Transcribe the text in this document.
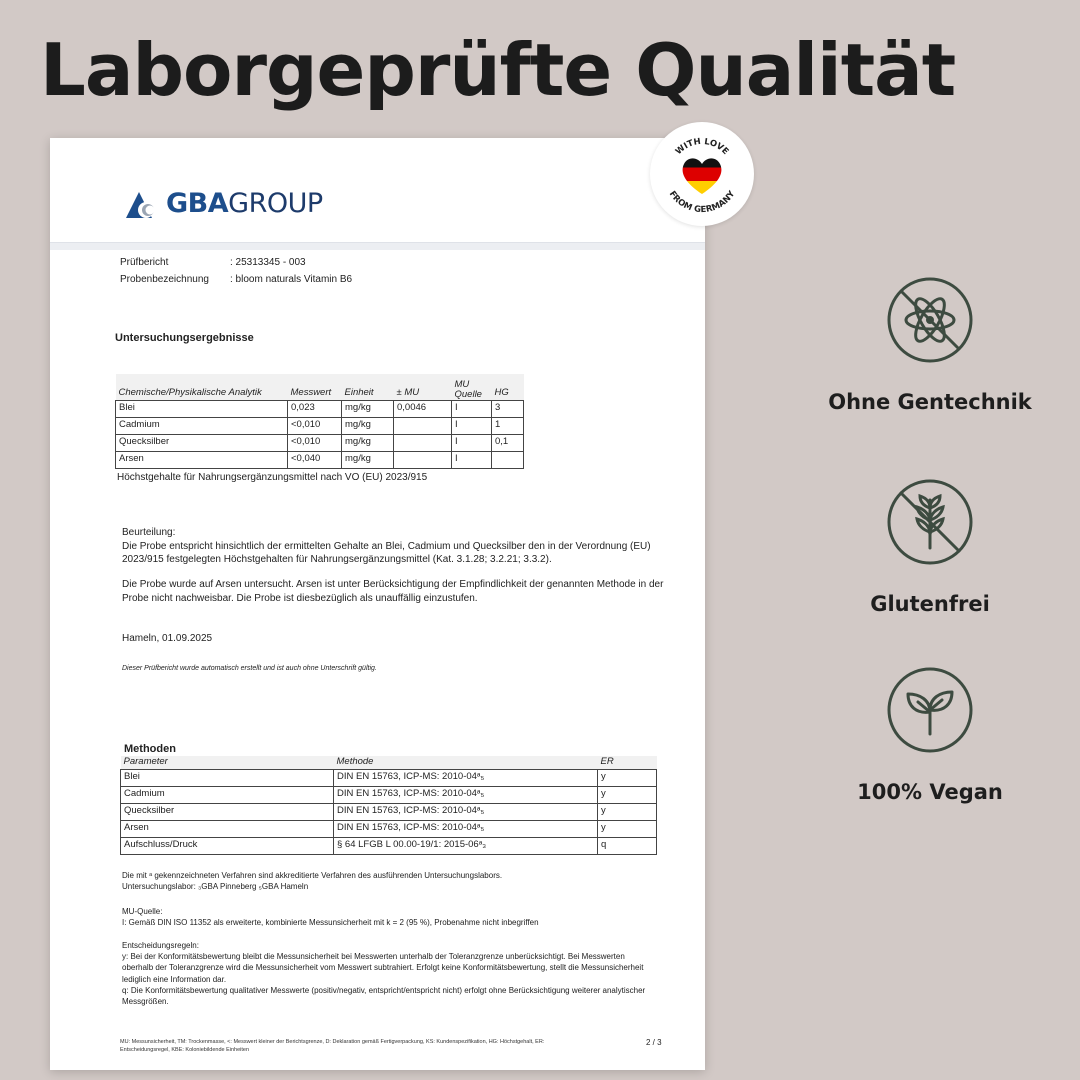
Laborgeprüfte Qualität
GBAGROUP
Prüfbericht	: 25313345 - 003
Probenbezeichnung : bloom naturals Vitamin B6
Untersuchungsergebnisse
Chemische/Physikalische Analytik	Messwert	Einheit	± MU	MU Quelle	HG
Blei	0,023	mg/kg	0,0046	I	3
Cadmium	<0,010	mg/kg		I	1
Quecksilber	<0,010	mg/kg		I	0,1
Arsen	<0,040	mg/kg		I	
Höchstgehalte für Nahrungsergänzungsmittel nach VO (EU) 2023/915
Beurteilung:
Die Probe entspricht hinsichtlich der ermittelten Gehalte an Blei, Cadmium und Quecksilber den in der Verordnung (EU) 2023/915 festgelegten Höchstgehalten für Nahrungsergänzungsmittel (Kat. 3.1.28; 3.2.21; 3.3.2).
Die Probe wurde auf Arsen untersucht. Arsen ist unter Berücksichtigung der Empfindlichkeit der genannten Methode in der Probe nicht nachweisbar. Die Probe ist diesbezüglich als unauffällig einzustufen.
Hameln, 01.09.2025
Dieser Prüfbericht wurde automatisch erstellt und ist auch ohne Unterschrift gültig.
Methoden
Parameter	Methode	ER
Blei	DIN EN 15763, ICP-MS: 2010-04ᵃ₅	y
Cadmium	DIN EN 15763, ICP-MS: 2010-04ᵃ₅	y
Quecksilber	DIN EN 15763, ICP-MS: 2010-04ᵃ₅	y
Arsen	DIN EN 15763, ICP-MS: 2010-04ᵃ₅	y
Aufschluss/Druck	§ 64 LFGB L 00.00-19/1: 2015-06ᵃ₃	q
Die mit ᵃ gekennzeichneten Verfahren sind akkreditierte Verfahren des ausführenden Untersuchungslabors.
Untersuchungslabor: ₃GBA Pinneberg ₅GBA Hameln
MU-Quelle:
I: Gemäß DIN ISO 11352 als erweiterte, kombinierte Messunsicherheit mit k = 2 (95 %), Probenahme nicht inbegriffen
Entscheidungsregeln:
y: Bei der Konformitätsbewertung bleibt die Messunsicherheit bei Messwerten unterhalb der Toleranzgrenze unberücksichtigt. Bei Messwerten oberhalb der Toleranzgrenze wird die Messunsicherheit vom Messwert subtrahiert. Erfolgt keine Konformitätsbewertung, stellt die Messunsicherheit lediglich eine Information dar.
q: Die Konformitätsbewertung qualitativer Messwerte (positiv/negativ, entspricht/entspricht nicht) erfolgt ohne Berücksichtigung weiterer analytischer Messgrößen.
MU: Messunsicherheit, TM: Trockenmasse, <: Messwert kleiner der Berichtsgrenze, D: Deklaration gemäß Fertigverpackung, KS: Kundenspezifikation, HG: Höchstgehalt, ER: Entscheidungsregel, KBE: Koloniebildende Einheiten
2 / 3
WITH LOVE
FROM GERMANY
Ohne Gentechnik
Glutenfrei
100% Vegan
